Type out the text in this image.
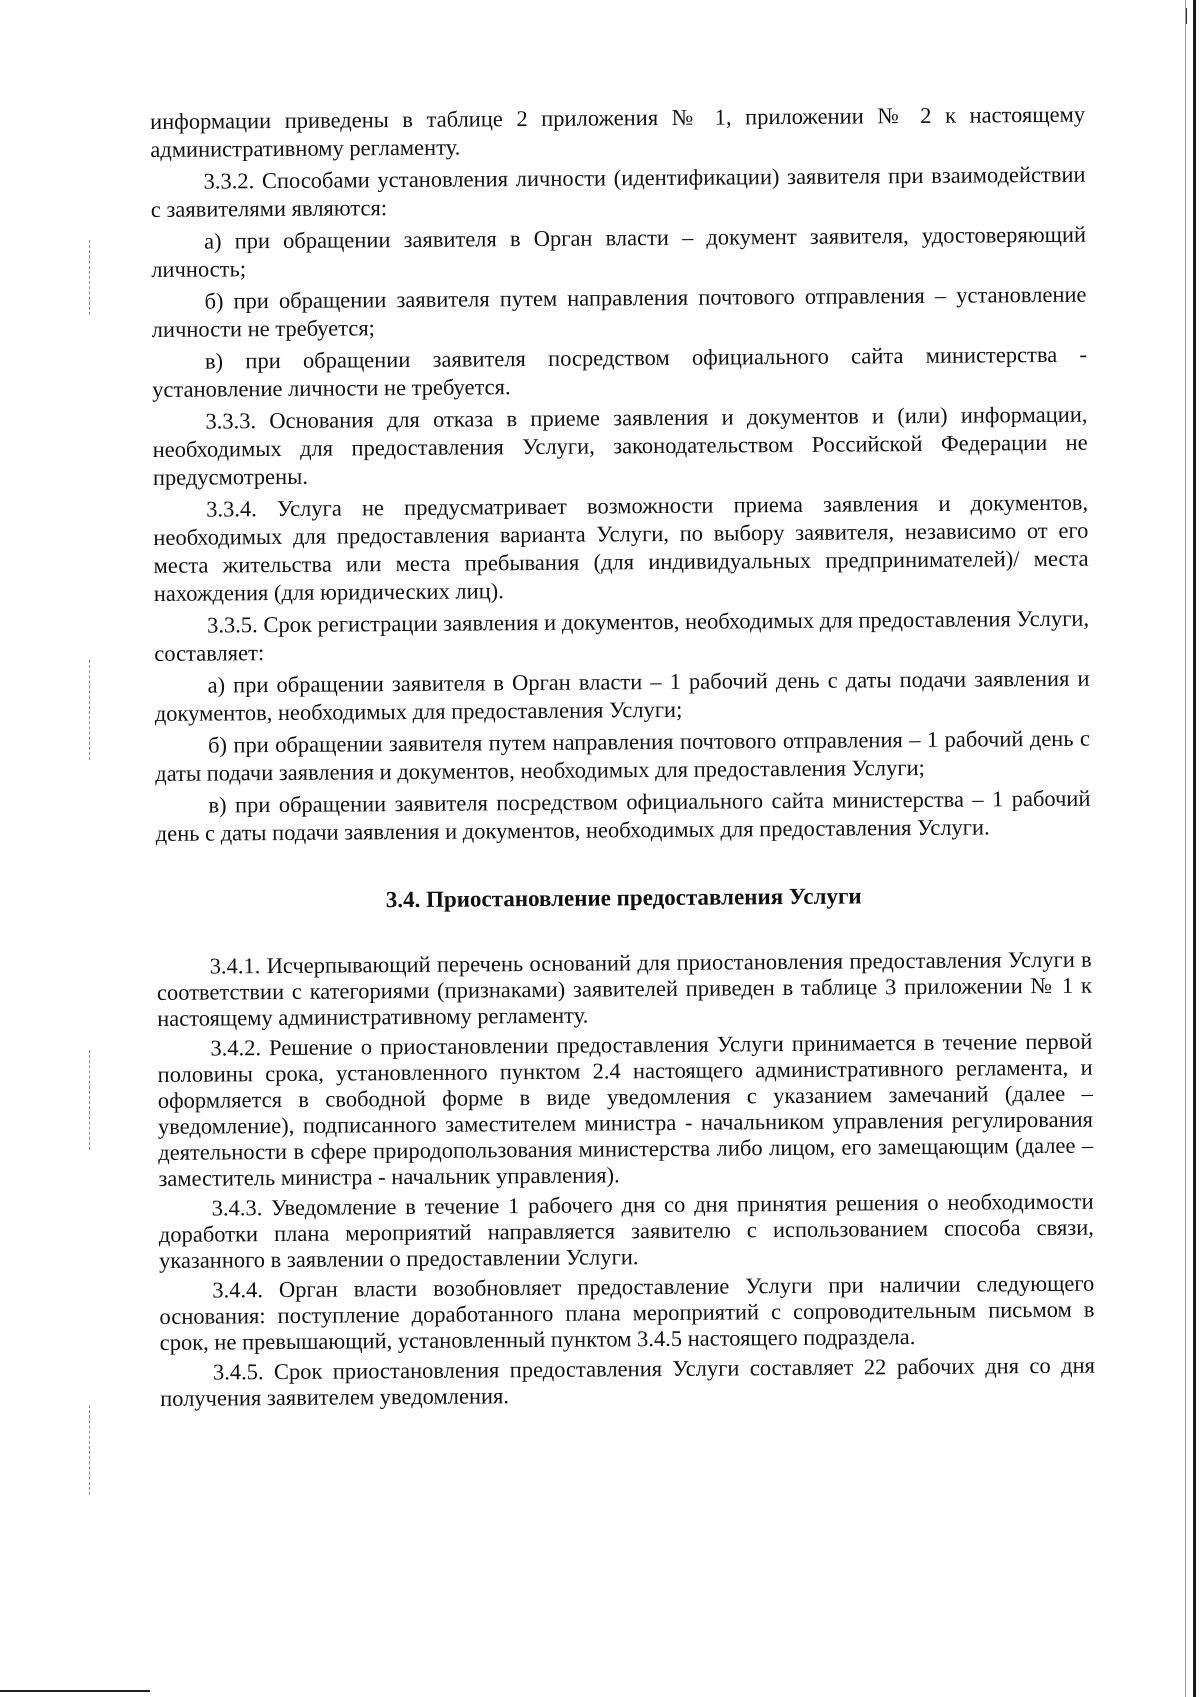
информации приведены в таблице 2 приложения № 1, приложении № 2 к настоящему административному регламенту.

3.3.2. Способами установления личности (идентификации) заявителя при взаимодействии с заявителями являются:

а) при обращении заявителя в Орган власти – документ заявителя, удостоверяющий личность;

б) при обращении заявителя путем направления почтового отправления – установление личности не требуется;

в) при обращении заявителя посредством официального сайта министерства - установление личности не требуется.

3.3.3. Основания для отказа в приеме заявления и документов и (или) информации, необходимых для предоставления Услуги, законодательством Российской Федерации не предусмотрены.

3.3.4. Услуга не предусматривает возможности приема заявления и документов, необходимых для предоставления варианта Услуги, по выбору заявителя, независимо от его места жительства или места пребывания (для индивидуальных предпринимателей)/ места нахождения (для юридических лиц).

3.3.5. Срок регистрации заявления и документов, необходимых для предоставления Услуги, составляет:

а) при обращении заявителя в Орган власти – 1 рабочий день с даты подачи заявления и документов, необходимых для предоставления Услуги;

б) при обращении заявителя путем направления почтового отправления – 1 рабочий день с даты подачи заявления и документов, необходимых для предоставления Услуги;

в) при обращении заявителя посредством официального сайта министерства – 1 рабочий день с даты подачи заявления и документов, необходимых для предоставления Услуги.

3.4. Приостановление предоставления Услуги

3.4.1. Исчерпывающий перечень оснований для приостановления предоставления Услуги в соответствии с категориями (признаками) заявителей приведен в таблице 3 приложении № 1 к настоящему административному регламенту.

3.4.2. Решение о приостановлении предоставления Услуги принимается в течение первой половины срока, установленного пунктом 2.4 настоящего административного регламента, и оформляется в свободной форме в виде уведомления с указанием замечаний (далее – уведомление), подписанного заместителем министра - начальником управления регулирования деятельности в сфере природопользования министерства либо лицом, его замещающим (далее – заместитель министра - начальник управления).

3.4.3. Уведомление в течение 1 рабочего дня со дня принятия решения о необходимости доработки плана мероприятий направляется заявителю с использованием способа связи, указанного в заявлении о предоставлении Услуги.

3.4.4. Орган власти возобновляет предоставление Услуги при наличии следующего основания: поступление доработанного плана мероприятий с сопроводительным письмом в срок, не превышающий, установленный пунктом 3.4.5 настоящего подраздела.

3.4.5. Срок приостановления предоставления Услуги составляет 22 рабочих дня со дня получения заявителем уведомления.
